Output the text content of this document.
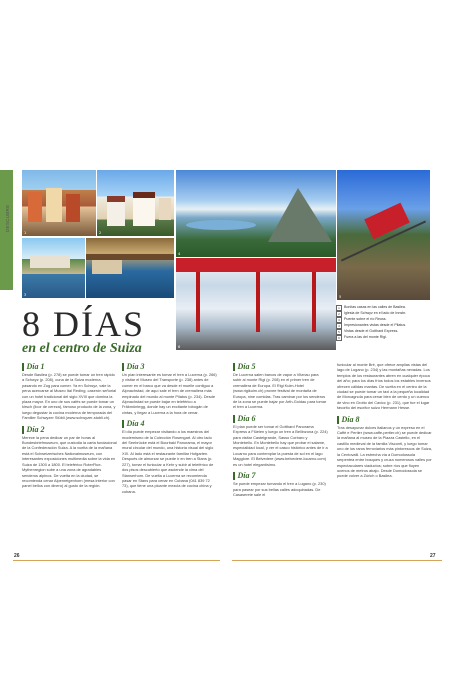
DESCUBRE Itinerarios
1	2
3
4
5
6
1	Bonitas casas en las calles de Basilea.
2	Iglesia de Schwyz en el lado de Innsbr.
3	Puente sobre el río Reuss.
4	Impresionantes vistas desde el Pilatus.
5	Vistas desde el Gotthard Express.
6	Fuera a las del monte Rigi.
8 DÍAS
en el centro de Suiza
Día 1
Desde Basilea (p. 278) se puede tomar un tren rápido a Schwyz (p. 208), cuna de la Suiza moderna, pasando en Zug para comer. Ya en Schwyz, vale la pena acercarse al Museo Ital Reding, caserón señorial con un hotel tradicional del siglo XVIII que domina la plaza mayor. En uno de sus cafés se puede tomar un kirsch (licor de cereza), famoso producto de la zona, y luego degustar la cocina moderna de temporada del Familier Schwyzer Stübli (www.schwyzer-stubli.ch).
Día 2
Merece la pena dedicar un par de horas al Bundesbriefmuseum, que custodia la carta fundacional de la Confederación Suiza. A la vuelta de la mañana está el Schweizerisches Nationalmuseum, con interesantes exposiciones multimedia sobre la vida en Suiza de 1300 a 1800. El teleférico RoterFlue-Mythenregion sube a una zona de agradables senderos alpinos. De vuelta en la ciudad, se recomienda cenar Alpenreigenhorn (mesa interior con panel bellos con dinero) al gusto de la región.
Día 3
Un plan interesante es tomar el tren a Lucerna (p. 266) y visitar el Museo del Transporte (p. 238) antes de comer en el barco que va desde el muelle contiguo a Alpnachstad, de aquí sale el tren de cremallera más empinado del mundo al monte Pilatus (p. 234). Desde Alpnachstad se puede bajar en teleférico a Fräkmüntegg, donde hay un excitante tobogán de cintas, y llegar a Lucerna a la hora de cenar.
Día 4
El día puede empezar visitando a los maestros del modernismo de la Colección Rosengart. Al otro lado del Seebrücke está el Bourbaki Panorama, el mayor mural circular del mundo, una historia visual del siglo XIX. Al lado está el restaurante familiar Hofgarten. Después de almorzar se puede ir en tren a Stans (p. 227), tomar el funicular a Kehr y subir al teleférico de dos pisos descubierto que asciende la cima del Stanserhorn. De vuelta a Lucerna se recomienda pasar en Stans para cenar en Cubana (041 839 72 73), que tiene una picante mezcla de cocina china y cubana.
Día 5
De Lucerna salen barcos de vapor a Vitznau para subir al monte Rigi (p. 208) en el primer tren de cremallera de Europa. El Rigi Kulm-Hotel (www.rigikulm.ch) provee festival de montaña de Europa, nine comidas. Tras caminar por los senderos de la zona se puede bajar por Arth-Goldau para tomar el tren a Lucerna.
Día 6
El plan puede ser tomar el Gotthard Panorama Express a Flüelen y luego un tren a Bellinzona (p. 224) para visitar Castelgrande, Sasso Corbaro y Montebello. En Montebello hay que probar el salame, especialidad local, y ver el casco histórico antes de ir a Locarno para contemplar la puesta de sol en el lago Maggiore. El Belvedere (www.belvedere-locarno.com) es un hotel elegantísimo.
Día 7
Se puede empezar tomando el tren a Lugano (p. 230) para pasear por sus bellas calles adoquinadas. De Casaserete sale el
funicular al monte Brè, que ofrece amplias vistas del lago de Lugano (p. 234) y las montañas nevadas. Los templos de los restaurantes abren en cualquier época del año; para los días fríos todos los estables inversos ofrecen cálidas mantas. De vuelta en el centro de la ciudad se puede tomar un taxi a la pequeña localidad de Morcagnola para cenar bien de cerdo y un cuenco de vino en Grotto del Cavicc (p. 231), que fue el lugar favorito del escritor suizo Hermann Hesse.
Día 8
Tras desayunar dulces italianos y un expreso en el Caffè e Pertier (www.caffe-pertier.ch) se puede dedicar la mañana al museo de la Piazza Castello, en el castillo medieval de la familia Visconti, y luego tomar uno de los raros ferroviarios más pintorescos de Suiza, la Centovalli. La estrecha vía a Domodossola serpentea entre bosques y cruza numerosos valles por espectaculares viaductos; sobre ríos que fluyen ocenos de metros abajo. Desde Domodossola se puede volver a Zúrich o Basilea.
26	27
